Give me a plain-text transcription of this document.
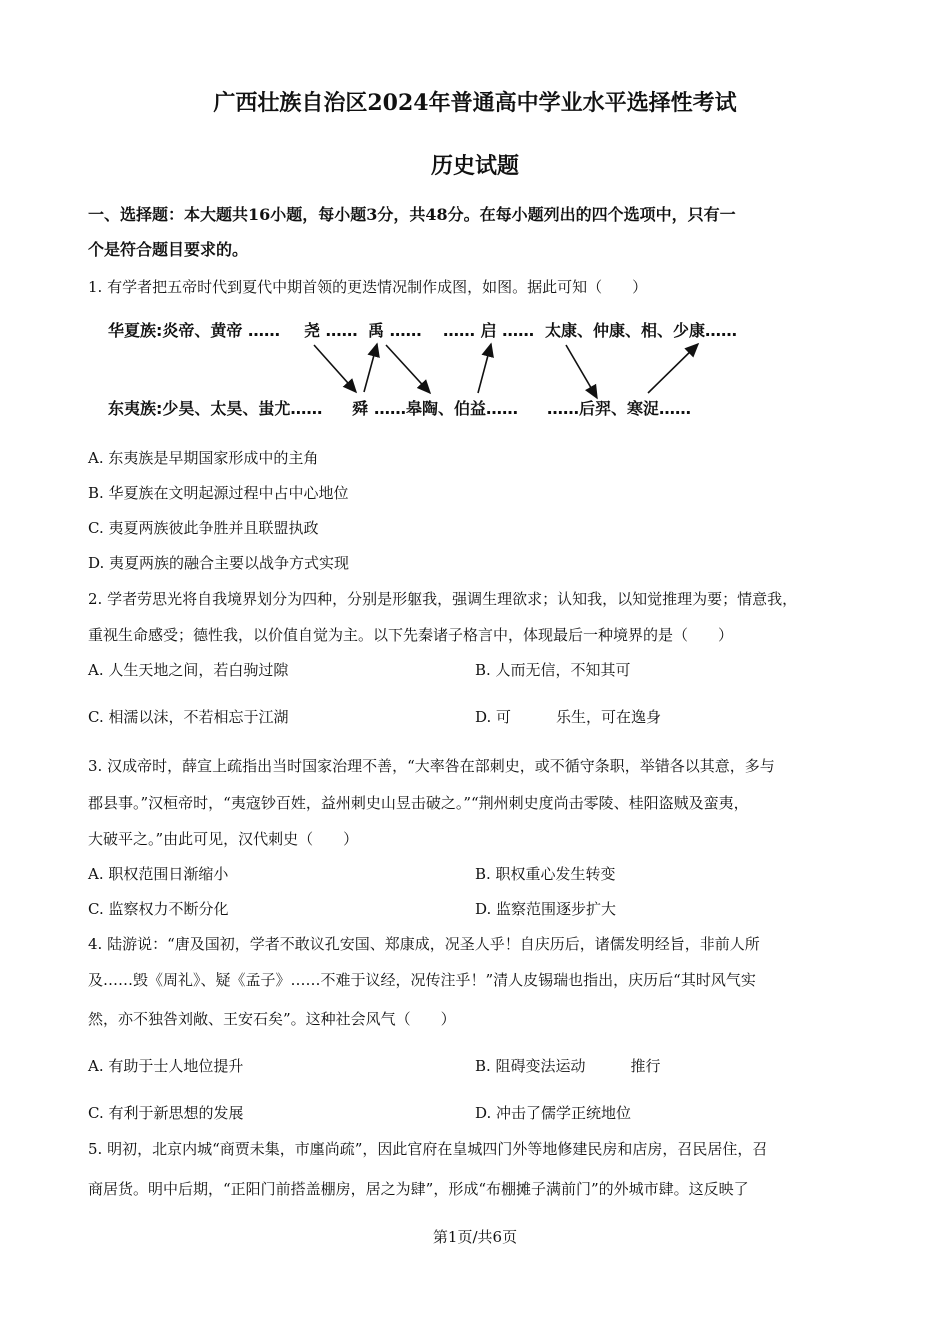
广西壮族自治区2024年普通高中学业水平选择性考试
历史试题
一、选择题：本大题共16小题，每小题3分，共48分。在每小题列出的四个选项中，只有一
个是符合题目要求的。
1. 有学者把五帝时代到夏代中期首领的更迭情况制作成图，如图。据此可知（　　）
华夏族:炎帝、黄帝 …… 尧 …… 禹 …… …… 启 …… 太康、仲康、相、少康……
东夷族:少昊、太昊、蚩尤…… 舜 ……皋陶、伯益…… ……后羿、寒浞……
A. 东夷族是早期国家形成中的主角
B. 华夏族在文明起源过程中占中心地位
C. 夷夏两族彼此争胜并且联盟执政
D. 夷夏两族的融合主要以战争方式实现
2. 学者劳思光将自我境界划分为四种，分别是形躯我，强调生理欲求；认知我，以知觉推理为要；情意我，
重视生命感受；德性我，以价值自觉为主。以下先秦诸子格言中，体现最后一种境界的是（　　）
A. 人生天地之间，若白驹过隙	B. 人而无信，不知其可
C. 相濡以沫，不若相忘于江湖	D. 可　　　乐生，可在逸身
3. 汉成帝时，薛宣上疏指出当时国家治理不善，“大率咎在部刺史，或不循守条职，举错各以其意，多与
郡县事。”汉桓帝时，“夷寇钞百姓，益州刺史山昱击破之。”“荆州刺史度尚击零陵、桂阳盗贼及蛮夷，
大破平之。”由此可见，汉代刺史（　　）
A. 职权范围日渐缩小	B. 职权重心发生转变
C. 监察权力不断分化	D. 监察范围逐步扩大
4. 陆游说：“唐及国初，学者不敢议孔安国、郑康成，况圣人乎！自庆历后，诸儒发明经旨，非前人所
及……毁《周礼》、疑《孟子》……不难于议经，况传注乎！”清人皮锡瑞也指出，庆历后“其时风气实
然，亦不独咎刘敞、王安石矣”。这种社会风气（　　）
A. 有助于士人地位提升	B. 阻碍变法运动　　　推行
C. 有利于新思想的发展	D. 冲击了儒学正统地位
5. 明初，北京内城“商贾未集，市廛尚疏”，因此官府在皇城四门外等地修建民房和店房，召民居住，召
商居货。明中后期，“正阳门前搭盖棚房，居之为肆”，形成“布棚摊子满前门”的外城市肆。这反映了
第1页/共6页
